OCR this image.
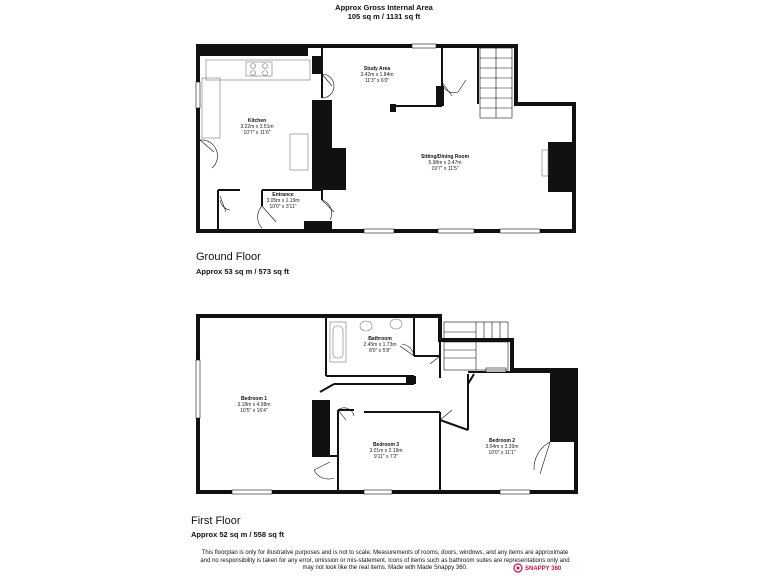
Approx Gross Internal Area
105 sq m / 1131 sq ft
Kitchen
3.22m x 3.51m
10'7" x 11'6"
Study Area
3.42m x 1.84m
11'3" x 6'0"
Sitting/Dining Room
5.98m x 3.47m
19'7" x 11'5"
Entrance
3.05m x 1.19m
10'0" x 3'11"
Bathroom
2.45m x 1.73m
8'0" x 5'8"
Bedroom 1
3.18m x 4.98m
10'5" x 16'4"
Bedroom 3
3.01m x 2.19m
9'11" x 7'2"
Bedroom 2
3.04m x 3.39m
10'0" x 11'1"
Ground Floor
Approx 53 sq m / 573 sq ft
First Floor
Approx 52 sq m / 558 sq ft
This floorplan is only for illustrative purposes and is not to scale. Measurements of rooms, doors, windows, and any items are approximate
and no responsibility is taken for any error, omission or mis-statement. Icons of items such as bathroom suites are representations only and
may not look like the real items. Made with Made Snappy 360.	SNAPPY 360
